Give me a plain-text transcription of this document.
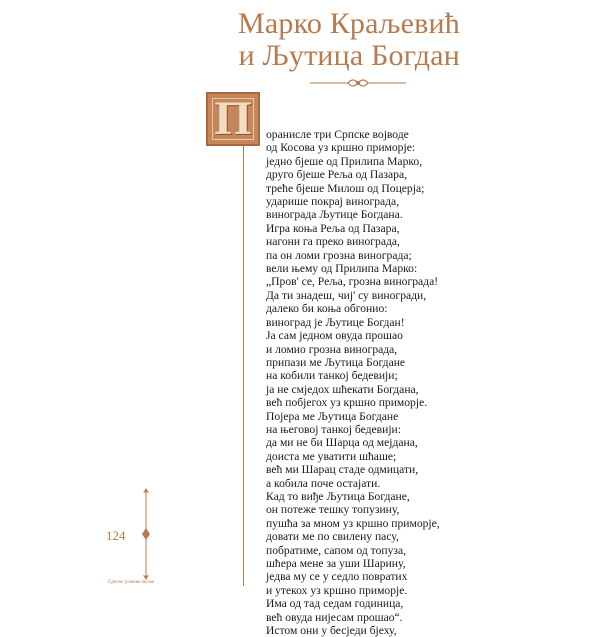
Марко Краљевић
и Љутица Богдан
П оранисле три Српске војводе
од Косова уз кршно приморје:
једно бјеше од Прилипа Марко,
друго бјеше Реља од Пазара,
треће бјеше Милош од Поцерја;
ударише покрај винограда,
винограда Љутице Богдана.
Игра коња Реља од Пазара,
нагони га преко винограда,
па он ломи грозна винограда;
вели њему од Прилипа Марко:
„Пров' се, Реља, грозна винограда!
Да ти знадеш, чиј' су виногради,
далеко би коња обгонио:
виноград је Љутице Богдан!
Ја сам једном овуда прошао
и ломио грозна винограда,
припази ме Љутица Богдане
на кобили танкој бедевији;
ја не смједох шћекати Богдана,
већ побјегох уз кршно приморје.
Појера ме Љутица Богдане
на његовој танкој бедевији:
да ми не би Шарца од мејдана,
доиста ме уватити шћаше;
већ ми Шарац стаде одмицати,
а кобила поче остајати.
Кад то виђе Љутица Богдане,
он потеже тешку топузину,
пушћа за мном уз кршно приморје,
довати ме по свилену пасу,
побратиме, сапом од топуза,
шћера мене за уши Шарину,
једва му се у седло повратих
и утекох уз кршно приморје.
Има од тад седам годиница,
већ овуда нијесам прошао“.
Истом они у бесједи бјеху,
124
Српске јуначке песме
